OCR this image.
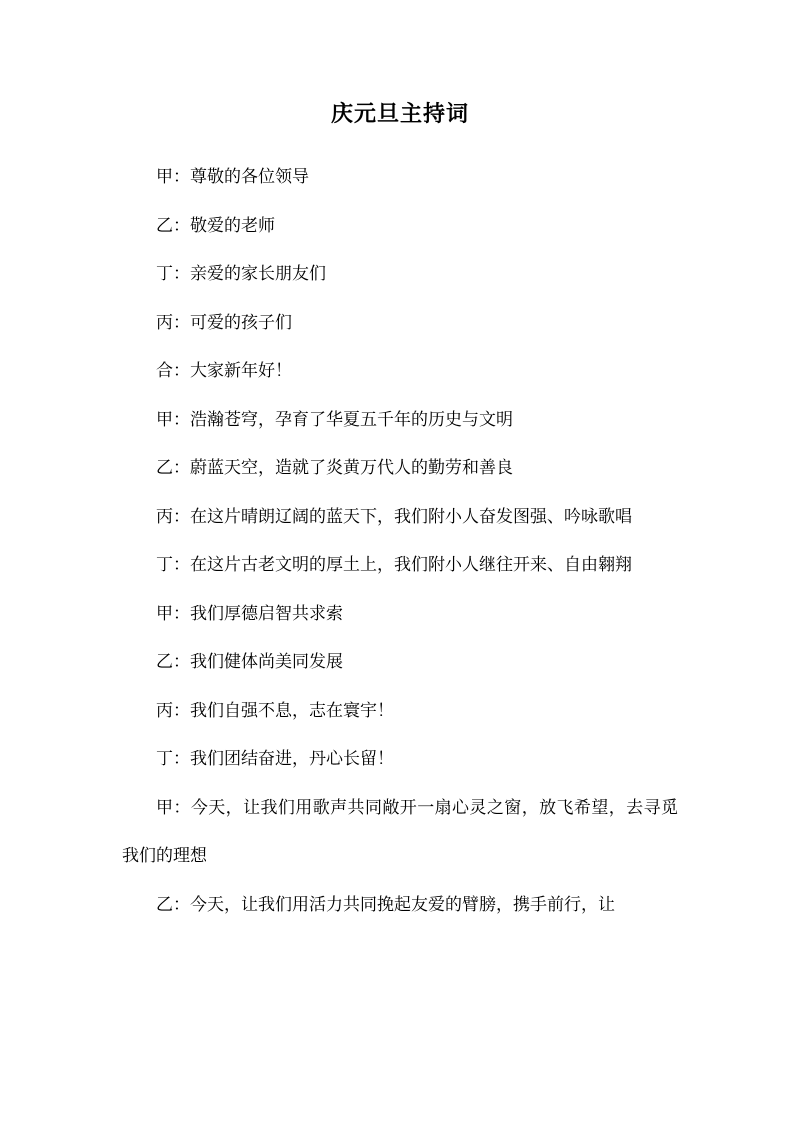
庆元旦主持词

甲：尊敬的各位领导

乙：敬爱的老师

丁：亲爱的家长朋友们

丙：可爱的孩子们

合：大家新年好！

甲：浩瀚苍穹，孕育了华夏五千年的历史与文明

乙：蔚蓝天空，造就了炎黄万代人的勤劳和善良

丙：在这片晴朗辽阔的蓝天下，我们附小人奋发图强、吟咏歌唱

丁：在这片古老文明的厚土上，我们附小人继往开来、自由翱翔

甲：我们厚德启智共求索

乙：我们健体尚美同发展

丙：我们自强不息，志在寰宇！

丁：我们团结奋进，丹心长留！

甲：今天，让我们用歌声共同敞开一扇心灵之窗，放飞希望，去寻觅我们的理想

乙：今天，让我们用活力共同挽起友爱的臂膀，携手前行，让
